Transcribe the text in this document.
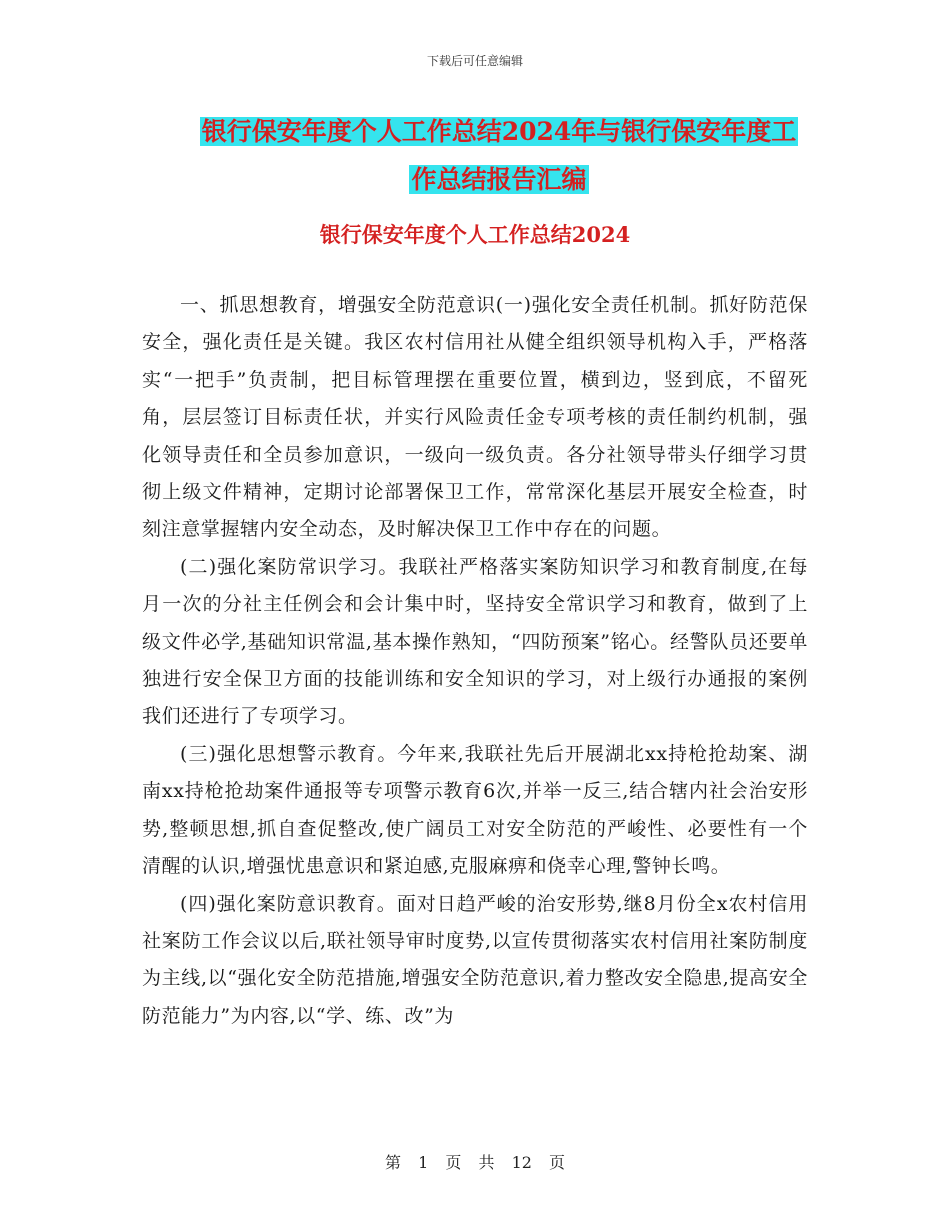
下载后可任意编辑
银行保安年度个人工作总结2024年与银行保安年度工
作总结报告汇编
银行保安年度个人工作总结2024

一、抓思想教育，增强安全防范意识(一)强化安全责任机制。抓好防范保安全，强化责任是关键。我区农村信用社从健全组织领导机构入手，严格落实“一把手”负责制，把目标管理摆在重要位置，横到边，竖到底，不留死角，层层签订目标责任状，并实行风险责任金专项考核的责任制约机制，强化领导责任和全员参加意识，一级向一级负责。各分社领导带头仔细学习贯彻上级文件精神，定期讨论部署保卫工作，常常深化基层开展安全检查，时刻注意掌握辖内安全动态，及时解决保卫工作中存在的问题。

(二)强化案防常识学习。我联社严格落实案防知识学习和教育制度,在每月一次的分社主任例会和会计集中时，坚持安全常识学习和教育，做到了上级文件必学,基础知识常温,基本操作熟知，“四防预案”铭心。经警队员还要单独进行安全保卫方面的技能训练和安全知识的学习，对上级行办通报的案例我们还进行了专项学习。

(三)强化思想警示教育。今年来,我联社先后开展湖北xx持枪抢劫案、湖南xx持枪抢劫案件通报等专项警示教育6次,并举一反三,结合辖内社会治安形势,整顿思想,抓自查促整改,使广阔员工对安全防范的严峻性、必要性有一个清醒的认识,增强忧患意识和紧迫感,克服麻痹和侥幸心理,警钟长鸣。

(四)强化案防意识教育。面对日趋严峻的治安形势,继8月份全x农村信用社案防工作会议以后,联社领导审时度势,以宣传贯彻落实农村信用社案防制度为主线,以“强化安全防范措施,增强安全防范意识,着力整改安全隐患,提高安全防范能力”为内容,以“学、练、改”为

第 1 页 共 12 页
